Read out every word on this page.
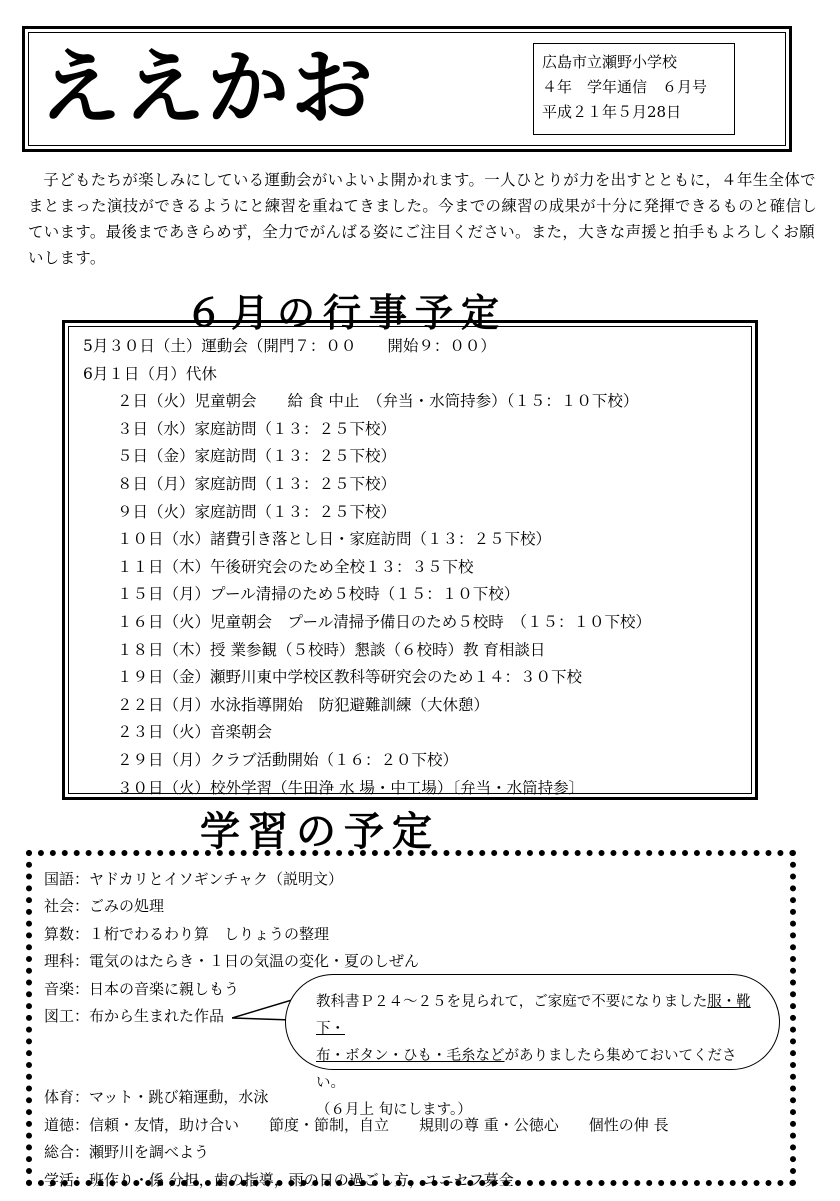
ええかお	広島市立瀬野小学校
４年　学年通信　６月号
平成２１年５月28日

子どもたちが楽しみにしている運動会がいよいよ開かれます。一人ひとりが力を出すとともに，４年生全体でまとまった演技ができるようにと練習を重ねてきました。今までの練習の成果が十分に発揮できるものと確信しています。最後まであきらめず，全力でがんばる姿にご注目ください。また，大きな声援と拍手もよろしくお願いします。

６月の行事予定
5月３０日（土）運動会（開門７：００　　開始９：００）
6月１日（月）代休
２日（火）児童朝会　　給 食 中止　（弁当・水筒持参）（１５：１０下校）
３日（水）家庭訪問（１３：２５下校）
５日（金）家庭訪問（１３：２５下校）
８日（月）家庭訪問（１３：２５下校）
９日（火）家庭訪問（１３：２５下校）
１０日（水）諸費引き落とし日・家庭訪問（１３：２５下校）
１１日（木）午後研究会のため全校１３：３５下校
１５日（月）プール清掃のため５校時（１５：１０下校）
１６日（火）児童朝会　プール清掃予備日のため５校時　（１５：１０下校）
１８日（木）授 業参観（５校時）懇談（６校時）教 育相談日
１９日（金）瀬野川東中学校区教科等研究会のため１４：３０下校
２２日（月）水泳指導開始　防犯避難訓練（大休憩）
２３日（火）音楽朝会
２９日（月）クラブ活動開始（１６：２０下校）
３０日（火）校外学習（牛田浄 水 場・中工場）〔弁当・水筒持参〕
学習の予定
国語：ヤドカリとイソギンチャク（説明文）
社会：ごみの処理
算数：１桁でわるわり算　しりょうの整理
理科：電気のはたらき・１日の気温の変化・夏のしぜん
音楽：日本の音楽に親しもう
図工：布から生まれた作品
体育：マット・跳び箱運動，水泳
道徳：信頼・友情，助け合い　　節度・節制，自立　　規則の尊 重・公徳心　　個性の伸 長
総合：瀬野川を調べよう
学活：班作り・係 分担，歯の指導，雨の日の過ごし方，ユニセフ募金
教科書Ｐ２４～２５を見られて，ご家庭で不要になりました服・靴下・
布・ボタン・ひも・毛糸などがありましたら集めておいてください。
（６月上 旬にします。）
